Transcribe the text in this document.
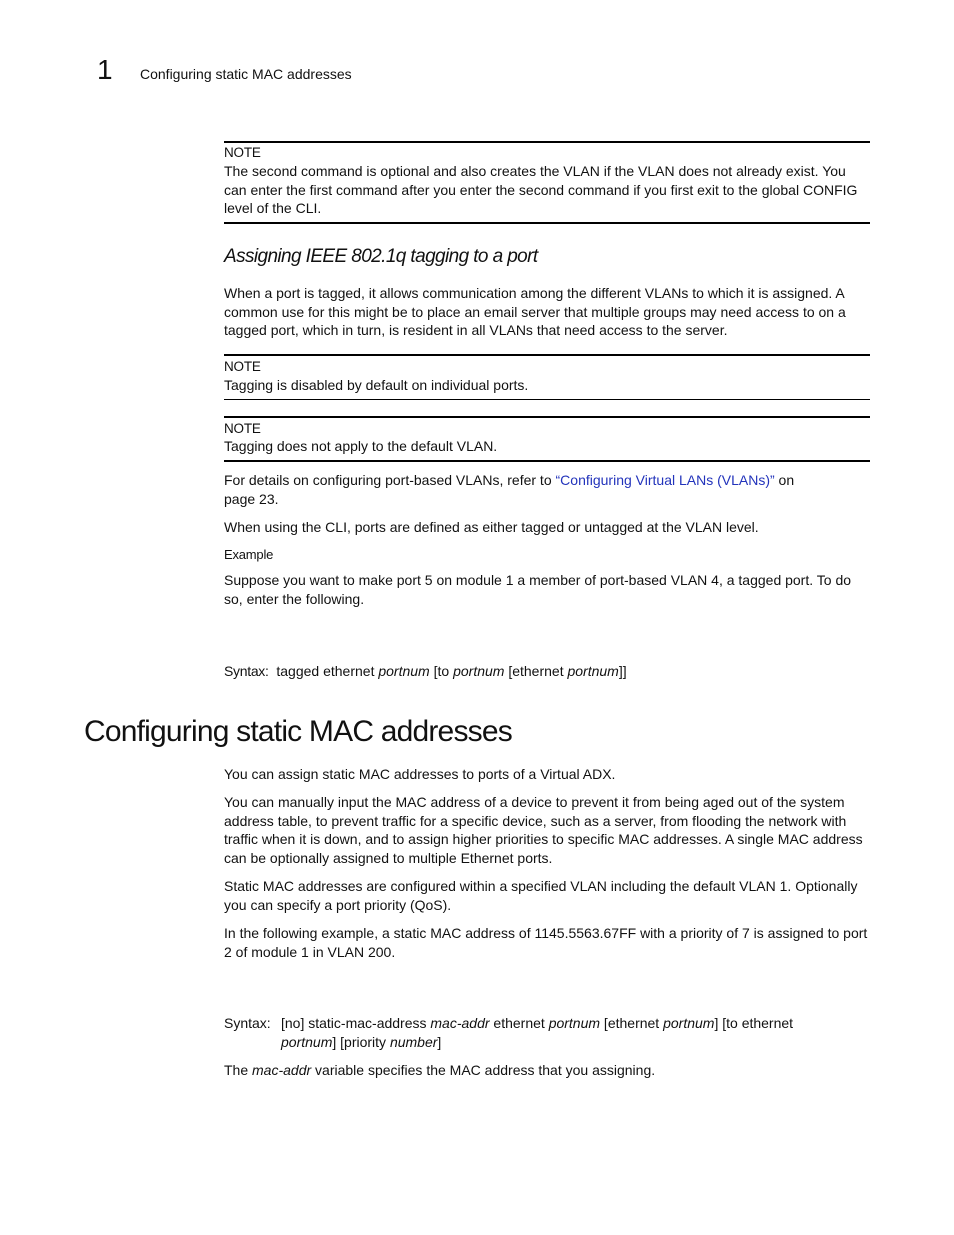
1 Configuring static MAC addresses
NOTE
The second command is optional and also creates the VLAN if the VLAN does not already exist. You can enter the first command after you enter the second command if you first exit to the global CONFIG level of the CLI.
Assigning IEEE 802.1q tagging to a port
When a port is tagged, it allows communication among the different VLANs to which it is assigned. A common use for this might be to place an email server that multiple groups may need access to on a tagged port, which in turn, is resident in all VLANs that need access to the server.
NOTE
Tagging is disabled by default on individual ports.
NOTE
Tagging does not apply to the default VLAN.
For details on configuring port-based VLANs, refer to “Configuring Virtual LANs (VLANs)” on
page 23.
When using the CLI, ports are defined as either tagged or untagged at the VLAN level.
Example
Suppose you want to make port 5 on module 1 a member of port-based VLAN 4, a tagged port. To do so, enter the following.
Syntax: tagged ethernet portnum [to portnum [ethernet portnum]]
Configuring static MAC addresses
You can assign static MAC addresses to ports of a Virtual ADX.
You can manually input the MAC address of a device to prevent it from being aged out of the system address table, to prevent traffic for a specific device, such as a server, from flooding the network with traffic when it is down, and to assign higher priorities to specific MAC addresses. A single MAC address can be optionally assigned to multiple Ethernet ports.
Static MAC addresses are configured within a specified VLAN including the default VLAN 1. Optionally you can specify a port priority (QoS).
In the following example, a static MAC address of 1145.5563.67FF with a priority of 7 is assigned to port 2 of module 1 in VLAN 200.
Syntax: [no] static-mac-address mac-addr ethernet portnum [ethernet portnum] [to ethernet
portnum] [priority number]
The mac-addr variable specifies the MAC address that you assigning.
